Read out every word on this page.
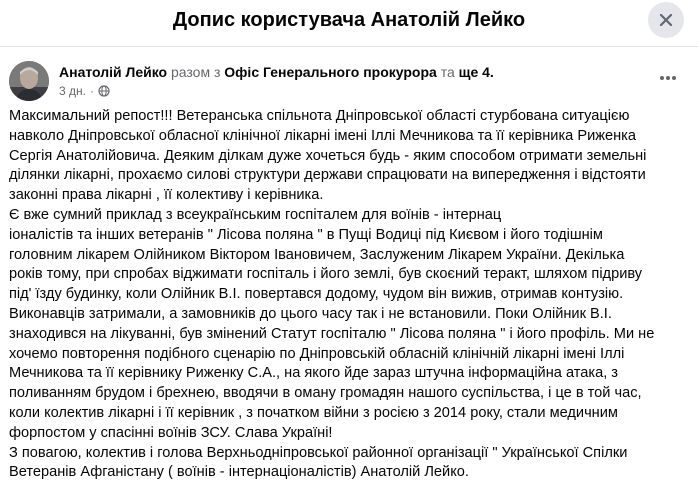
Допис користувача Анатолій Лейко
Анатолій Лейко разом з Офіс Генерального прокурора та ще 4.
3 дн. ·
Максимальний репост!!! Ветеранська спільнота Дніпровської області стурбована ситуацією
навколо Дніпровської обласної клінічної лікарні імені Іллі Мечникова та її керівника Риженка
Сергія Анатолійовича. Деяким ділкам дуже хочеться будь - яким способом отримати земельні
ділянки лікарні, прохаємо силові структури держави спрацювати на випередження і відстояти
законні права лікарні , її колективу і керівника.
Є вже сумний приклад з всеукраїнським госпіталем для воїнів - інтернац
іоналістів та інших ветеранів " Лісова поляна " в Пущі Водиці під Києвом і його тодішнім
головним лікарем Олійником Віктором Івановичем, Заслуженим Лікарем України. Декілька
років тому, при спробах віджимати госпіталь і його землі, був скоєний теракт, шляхом підриву
під' їзду будинку, коли Олійник В.І. повертався додому, чудом він вижив, отримав контузію.
Виконавців затримали, а замовників до цього часу так і не встановили. Поки Олійник В.І.
знаходився на лікуванні, був змінений Статут госпіталю " Лісова поляна " і його профіль. Ми не
хочемо повторення подібного сценарію по Дніпровській обласній клінічній лікарні імені Іллі
Мечникова та її керівнику Риженку С.А., на якого йде зараз штучна інформаційна атака, з
поливанням брудом і брехнею, вводячи в оману громадян нашого суспільства, і це в той час,
коли колектив лікарні і її керівник , з початком війни з росією з 2014 року, стали медичним
форпостом у спасінні воїнів ЗСУ. Слава Україні!
З повагою, колектив і голова Верхньодніпровської районної організації " Української Спілки
Ветеранів Афганістану ( воїнів - інтернаціоналістів) Анатолій Лейко.
